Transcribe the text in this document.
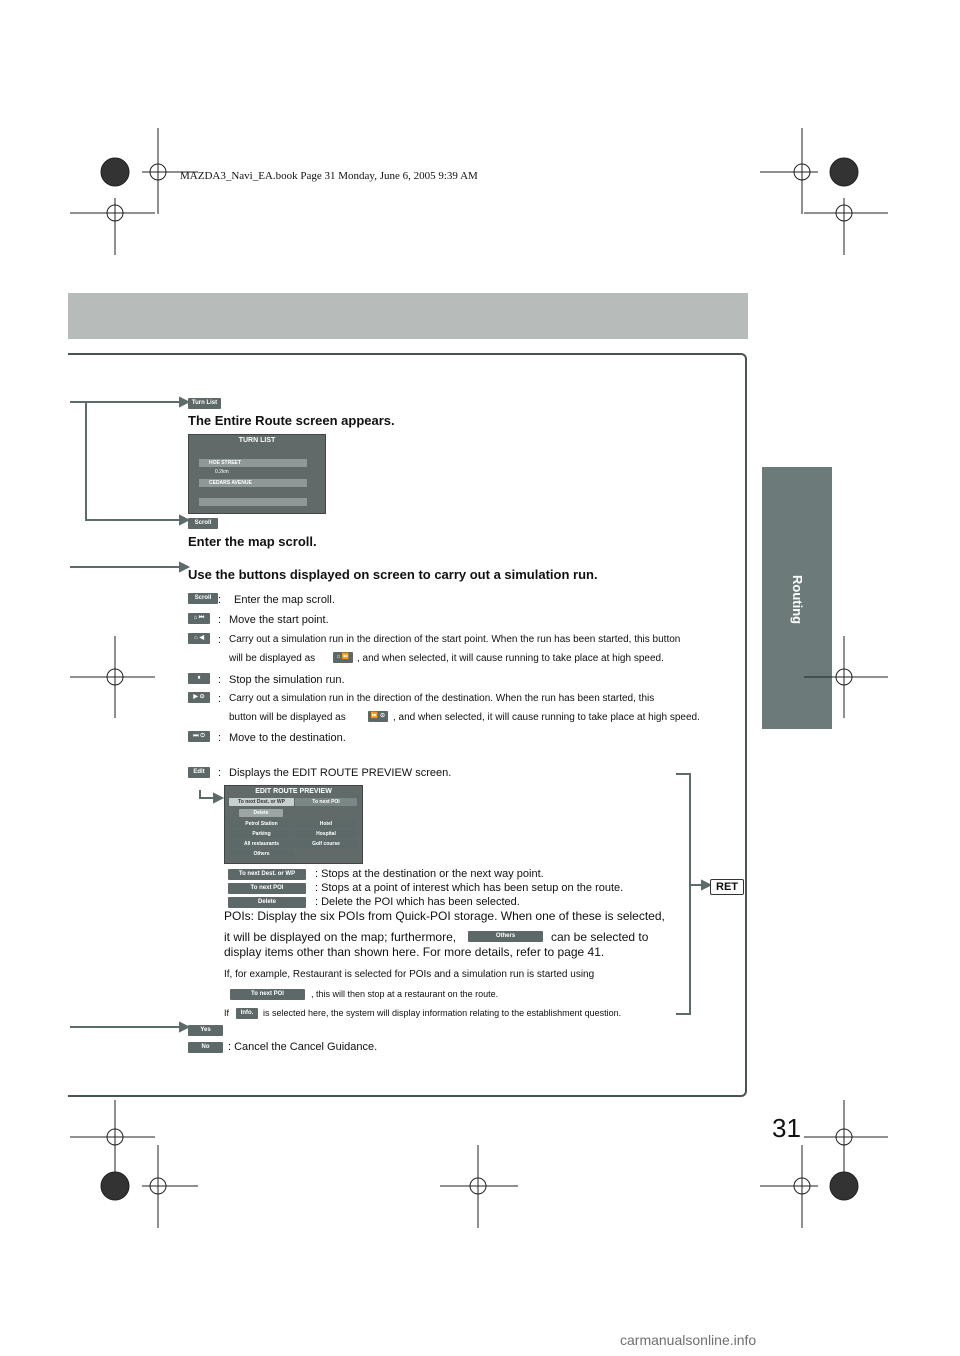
MAZDA3_Navi_EA.book Page 31 Monday, June 6, 2005 9:39 AM
Routing
Turn List
The Entire Route screen appears.
TURN LIST
HOE STREET
0.2km
CEDARS AVENUE
Scroll
Enter the map scroll.
Use the buttons displayed on screen to carry out a simulation run.
Scroll : Enter the map scroll.
⌂ ⏮	: Move the start point.
⌂ ◀	: Carry out a simulation run in the direction of the start point. When the run has been started, this button
will be displayed as	⌂ ⏪ , and when selected, it will cause running to take place at high speed.
⏸	: Stop the simulation run.
▶ ⊙	: Carry out a simulation run in the direction of the destination. When the run has been started, this
button will be displayed as	⏩ ⊙ , and when selected, it will cause running to take place at high speed.
⏭ ⊙	: Move to the destination.
Edit	: Displays the EDIT ROUTE PREVIEW screen.
EDIT ROUTE PREVIEW
To next Dest. or WP	To next POI
Delete
Petrol Station	Hotel
Parking	Hospital
All restaurants	Golf course
Others
To next Dest. or WP	: Stops at the destination or the next way point.
To next POI	: Stops at a point of interest which has been setup on the route.
Delete	: Delete the POI which has been selected.
POIs: Display the six POIs from Quick-POI storage. When one of these is selected,
it will be displayed on the map; furthermore,	Others	can be selected to
display items other than shown here. For more details, refer to page 41.
If, for example, Restaurant is selected for POIs and a simulation run is started using
To next POI	, this will then stop at a restaurant on the route.
If	Info.	is selected here, the system will display information relating to the establishment question.
RET
Yes
No	: Cancel the Cancel Guidance.
31
carmanualsonline.info
